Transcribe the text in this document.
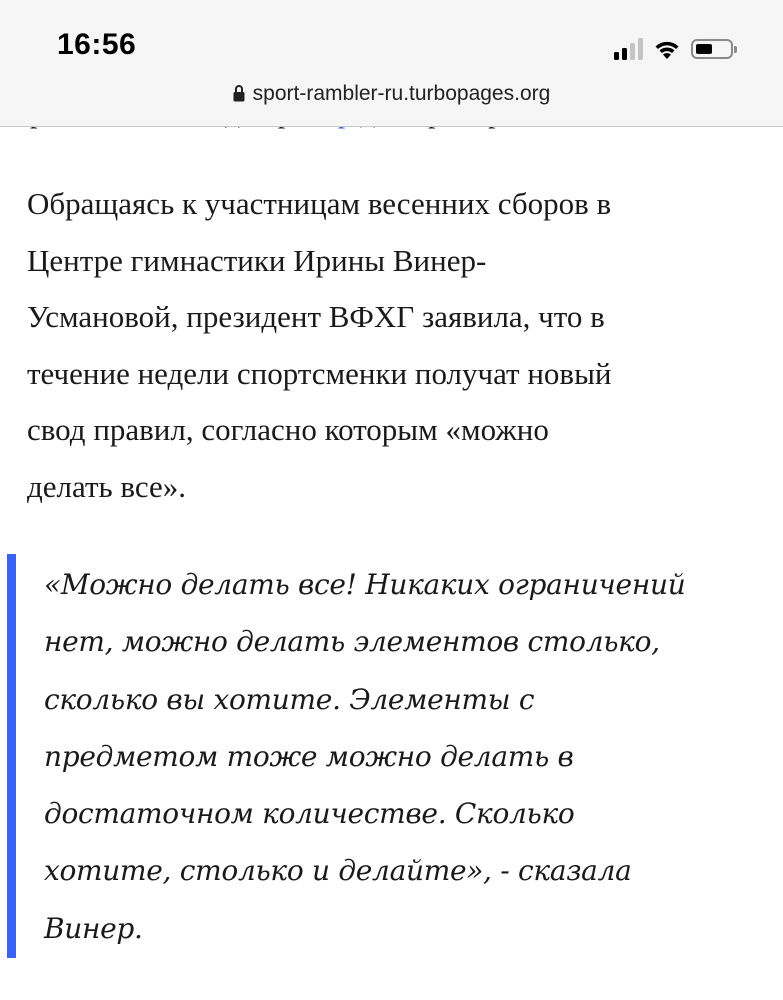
16:56
sport-rambler-ru.turbopages.org
Обращаясь к участницам весенних сборов в
Центре гимнастики Ирины Винер-
Усмановой, президент ВФХГ заявила, что в
течение недели спортсменки получат новый
свод правил, согласно которым «можно
делать все».
«Можно делать все! Никаких ограничений
нет, можно делать элементов столько,
сколько вы хотите. Элементы с
предметом тоже можно делать в
достаточном количестве. Сколько
хотите, столько и делайте», - сказала
Винер.
